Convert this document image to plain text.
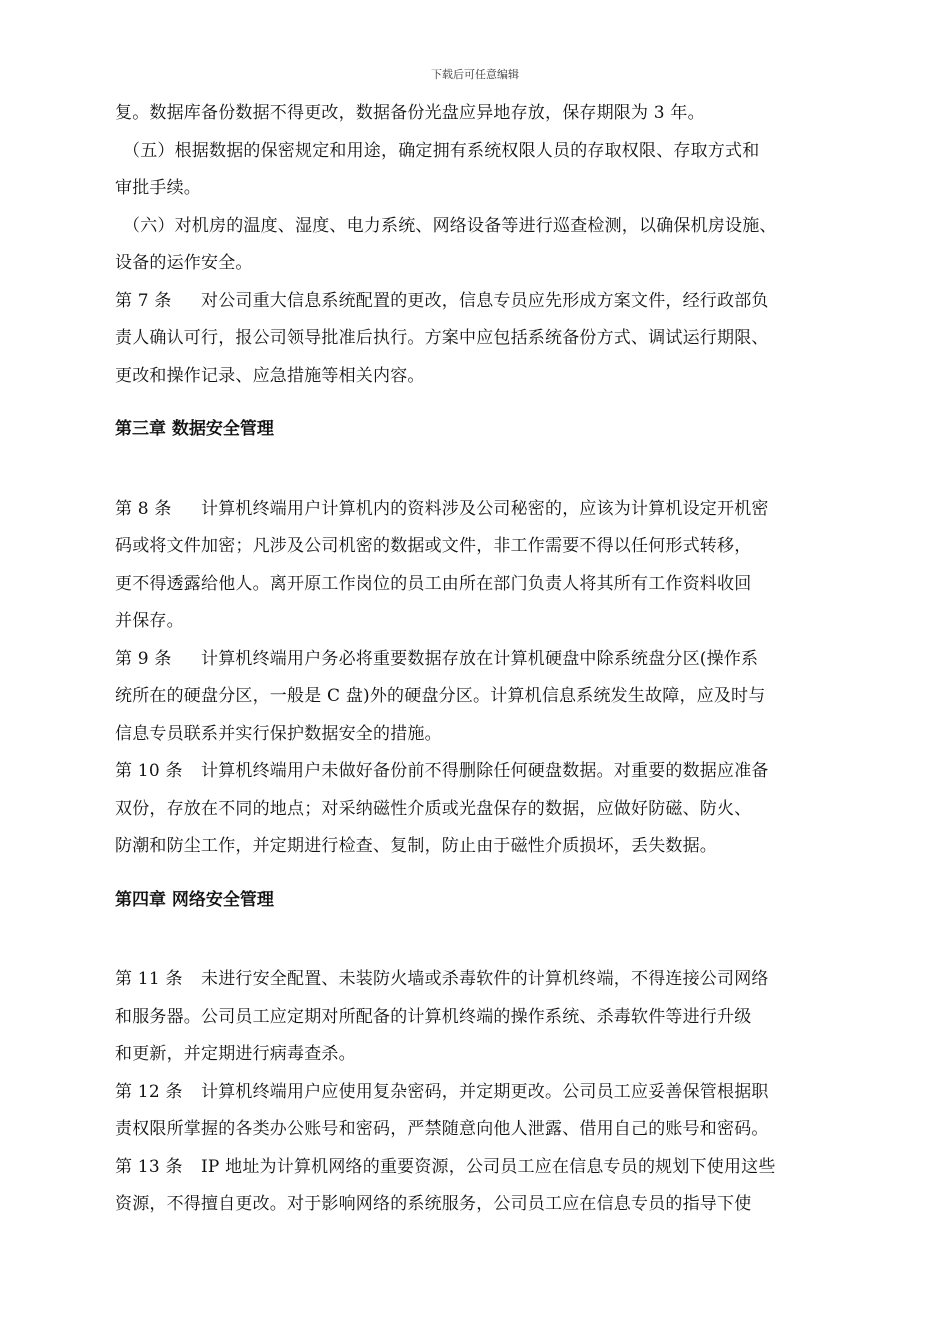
下载后可任意编辑

复。数据库备份数据不得更改，数据备份光盘应异地存放，保存期限为 3 年。

（五）根据数据的保密规定和用途，确定拥有系统权限人员的存取权限、存取方式和

审批手续。

（六）对机房的温度、湿度、电力系统、网络设备等进行巡查检测，以确保机房设施、

设备的运作安全。

第 7 条 对公司重大信息系统配置的更改，信息专员应先形成方案文件，经行政部负

责人确认可行，报公司领导批准后执行。方案中应包括系统备份方式、调试运行期限、

更改和操作记录、应急措施等相关内容。

第三章 数据安全管理

第 8 条 计算机终端用户计算机内的资料涉及公司秘密的，应该为计算机设定开机密

码或将文件加密；凡涉及公司机密的数据或文件，非工作需要不得以任何形式转移，

更不得透露给他人。离开原工作岗位的员工由所在部门负责人将其所有工作资料收回

并保存。

第 9 条 计算机终端用户务必将重要数据存放在计算机硬盘中除系统盘分区(操作系

统所在的硬盘分区，一般是 C 盘)外的硬盘分区。计算机信息系统发生故障，应及时与

信息专员联系并实行保护数据安全的措施。

第 10 条 计算机终端用户未做好备份前不得删除任何硬盘数据。对重要的数据应准备

双份，存放在不同的地点；对采纳磁性介质或光盘保存的数据，应做好防磁、防火、

防潮和防尘工作，并定期进行检查、复制，防止由于磁性介质损坏，丢失数据。

第四章 网络安全管理

第 11 条 未进行安全配置、未装防火墙或杀毒软件的计算机终端，不得连接公司网络

和服务器。公司员工应定期对所配备的计算机终端的操作系统、杀毒软件等进行升级

和更新，并定期进行病毒查杀。

第 12 条 计算机终端用户应使用复杂密码，并定期更改。公司员工应妥善保管根据职

责权限所掌握的各类办公账号和密码，严禁随意向他人泄露、借用自己的账号和密码。

第 13 条 IP 地址为计算机网络的重要资源，公司员工应在信息专员的规划下使用这些

资源，不得擅自更改。对于影响网络的系统服务，公司员工应在信息专员的指导下使
